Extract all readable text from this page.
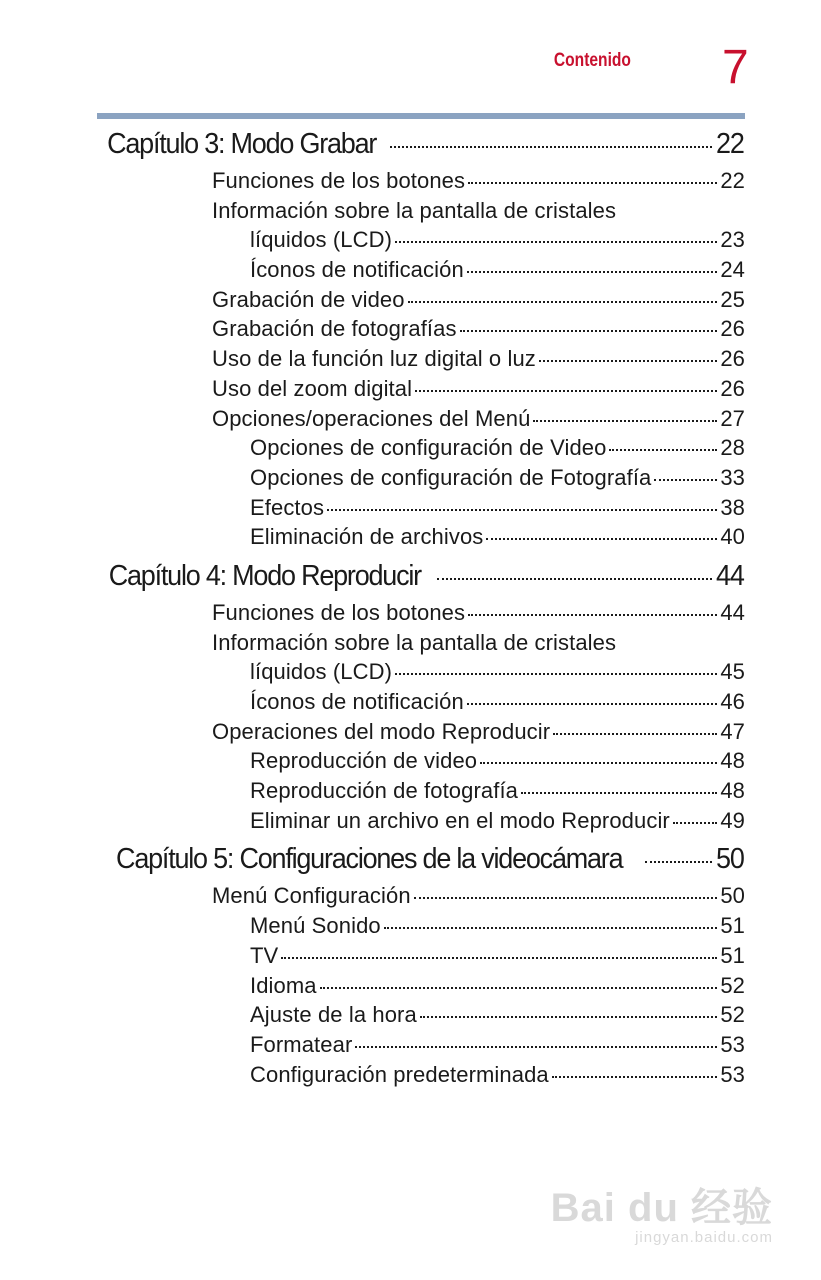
Contenido 7
Capítulo 3: Modo Grabar	22
Funciones de los botones	22
Información sobre la pantalla de cristales
líquidos (LCD)	23
Íconos de notificación	24
Grabación de video	25
Grabación de fotografías	26
Uso de la función luz digital o luz	26
Uso del zoom digital	26
Opciones/operaciones del Menú	27
Opciones de configuración de Video	28
Opciones de configuración de Fotografía	33
Efectos	38
Eliminación de archivos	40
Capítulo 4: Modo Reproducir	44
Funciones de los botones	44
Información sobre la pantalla de cristales
líquidos (LCD)	45
Íconos de notificación	46
Operaciones del modo Reproducir	47
Reproducción de video	48
Reproducción de fotografía	48
Eliminar un archivo en el modo Reproducir 49
Capítulo 5: Configuraciones de la videocámara	50
Menú Configuración	50
Menú Sonido	51
TV	51
Idioma	52
Ajuste de la hora	52
Formatear	53
Configuración predeterminada	53
Bai du 经验
jingyan.baidu.com
